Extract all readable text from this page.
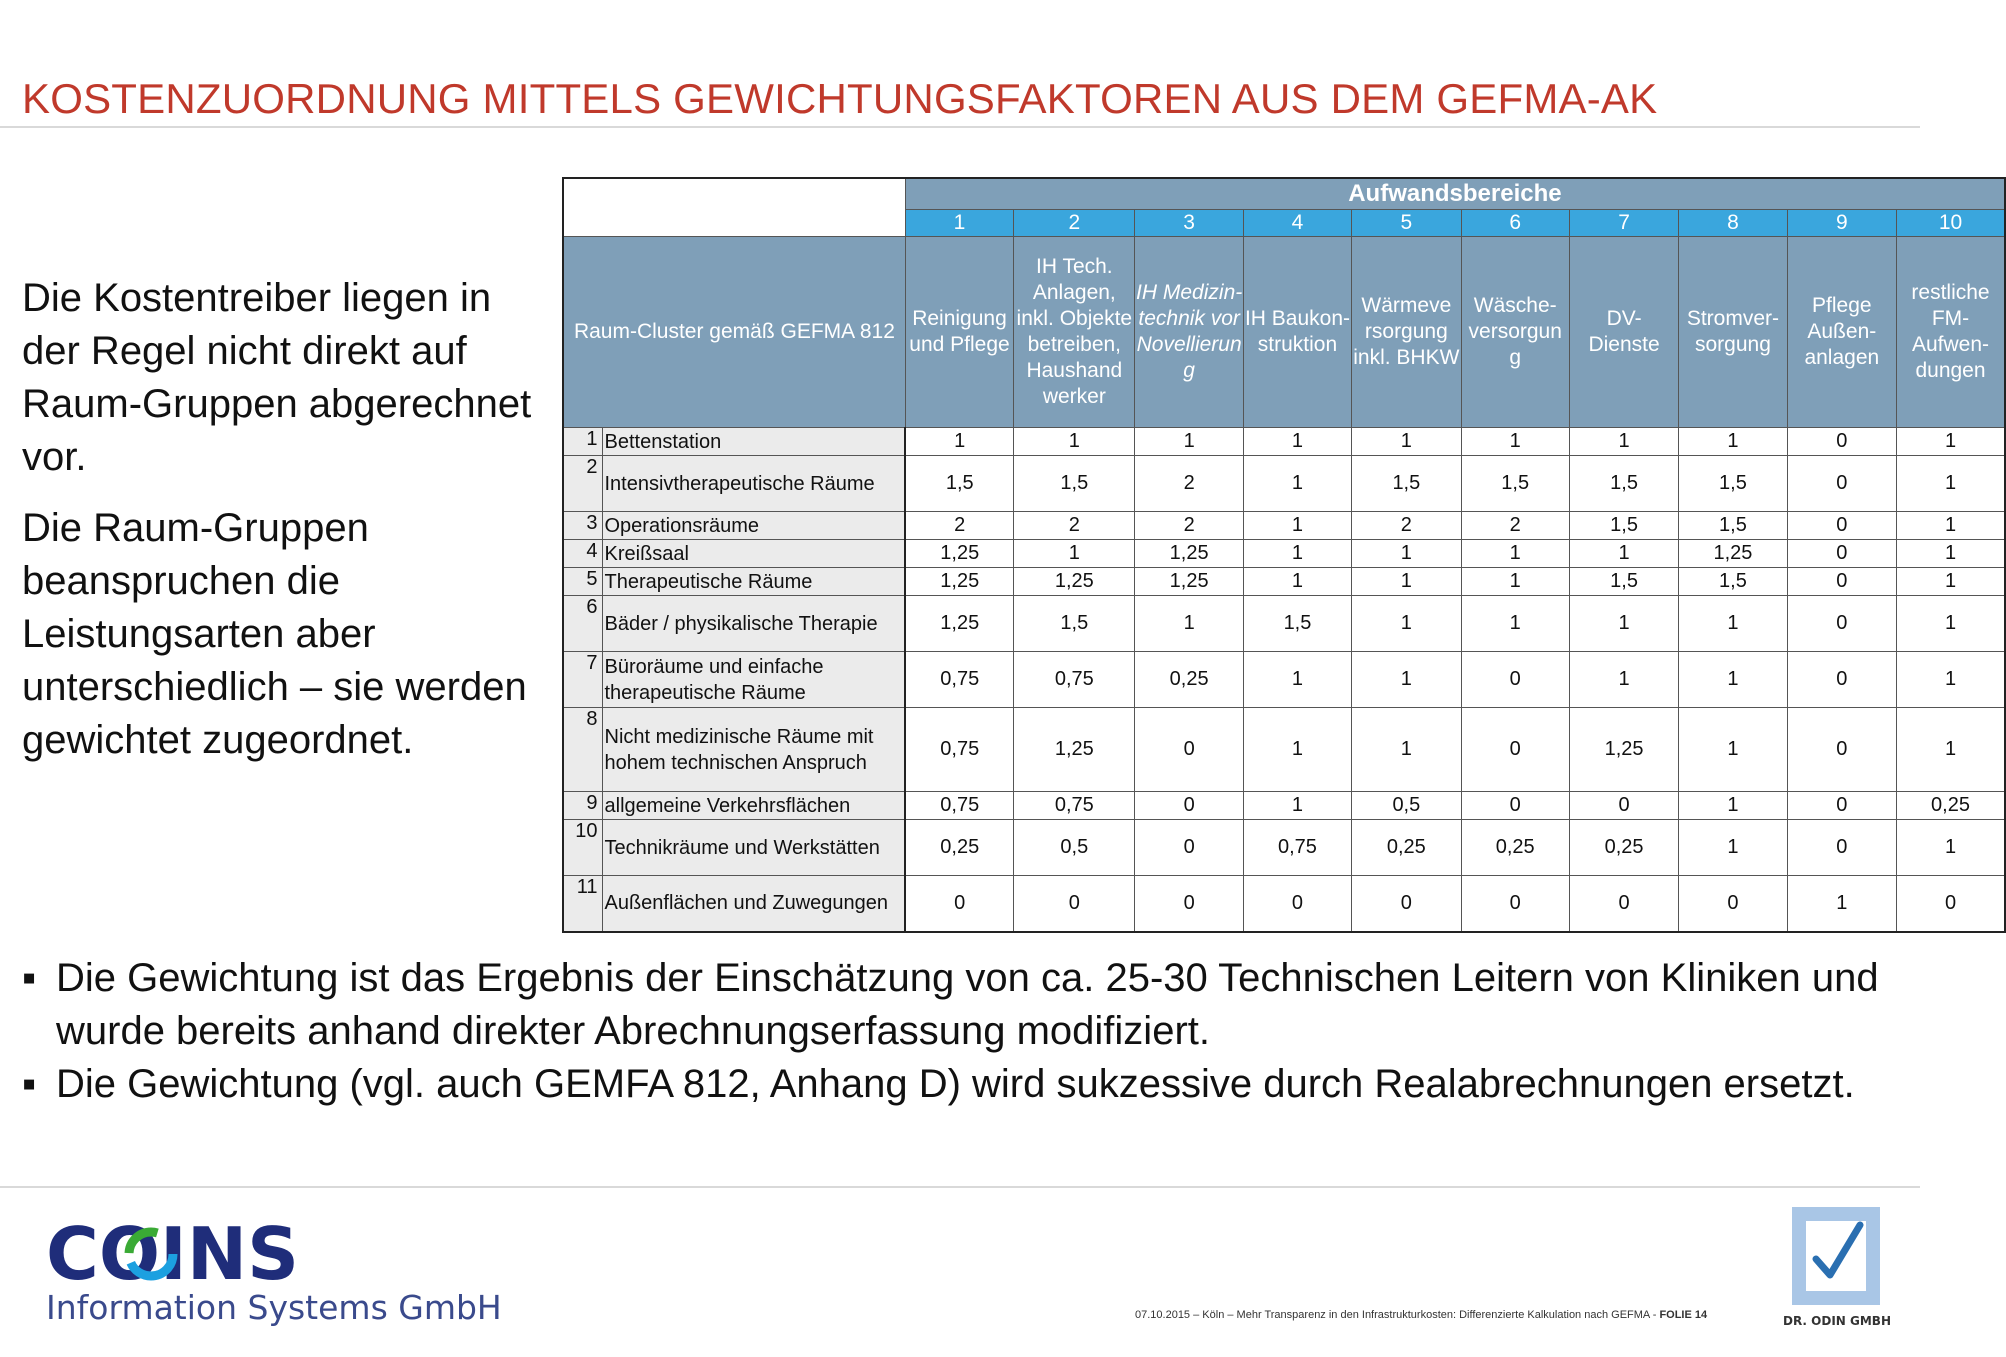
KOSTENZUORDNUNG MITTELS GEWICHTUNGSFAKTOREN AUS DEM GEFMA-AK

Die Kostentreiber liegen in der Regel nicht direkt auf Raum-Gruppen abgerechnet vor.

Die Raum-Gruppen beanspruchen die Leistungsarten aber unterschiedlich – sie werden gewichtet zugeordnet.

		Aufwandsbereiche									
		1	2	3	4	5	6	7	8	9	10
Raum-Cluster gemäß GEFMA 812		Reinigung und Pflege	IH Tech. Anlagen, inkl. Objekte betreiben, Haushand werker	IH Medizin- technik vor Novellierun g	IH Baukon- struktion	Wärmeve rsorgung inkl. BHKW	Wäsche- versorgun g	DV- Dienste	Stromver- sorgung	Pflege Außen- anlagen	restliche FM- Aufwen- dungen
1	Bettenstation	1	1	1	1	1	1	1	1	0	1
2	Intensivtherapeutische Räume	1,5	1,5	2	1	1,5	1,5	1,5	1,5	0	1
3	Operationsräume	2	2	2	1	2	2	1,5	1,5	0	1
4	Kreißsaal	1,25	1	1,25	1	1	1	1	1,25	0	1
5	Therapeutische Räume	1,25	1,25	1,25	1	1	1	1,5	1,5	0	1
6	Bäder / physikalische Therapie	1,25	1,5	1	1,5	1	1	1	1	0	1
7	Büroräume und einfache therapeutische Räume	0,75	0,75	0,25	1	1	0	1	1	0	1
8	Nicht medizinische Räume mit hohem technischen Anspruch	0,75	1,25	0	1	1	0	1,25	1	0	1
9	allgemeine Verkehrsflächen	0,75	0,75	0	1	0,5	0	0	1	0	0,25
10	Technikräume und Werkstätten	0,25	0,5	0	0,75	0,25	0,25	0,25	1	0	1
11	Außenflächen und Zuwegungen	0	0	0	0	0	0	0	0	1	0
▪ Die Gewichtung ist das Ergebnis der Einschätzung von ca. 25-30 Technischen Leitern von Kliniken und wurde bereits anhand direkter Abrechnungserfassung modifiziert.
▪ Die Gewichtung (vgl. auch GEMFA 812, Anhang D) wird sukzessive durch Realabrechnungen ersetzt.
COINS
Information Systems GmbH	07.10.2015 – Köln – Mehr Transparenz in den Infrastrukturkosten: Differenzierte Kalkulation nach GEFMA - FOLIE 14	DR. ODIN GMBH
